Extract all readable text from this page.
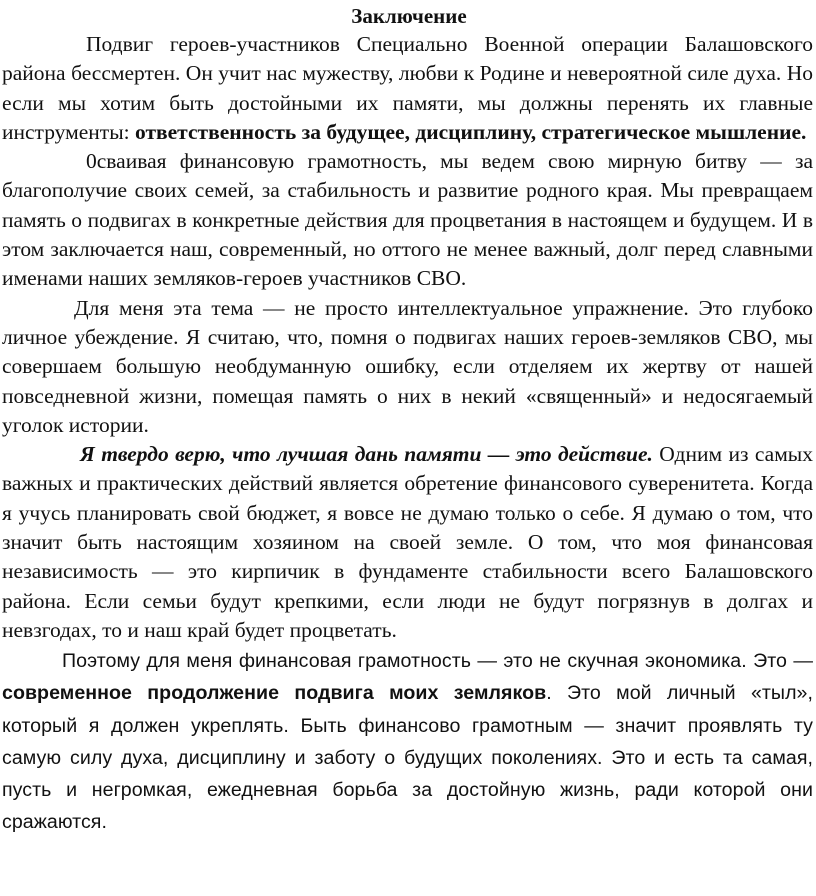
Заключение

Подвиг героев-участников Специально Военной операции Балашовского района бессмертен. Он учит нас мужеству, любви к Родине и невероятной силе духа. Но если мы хотим быть достойными их памяти, мы должны перенять их главные инструменты: ответственность за будущее, дисциплину, стратегическое мышление.

0сваивая финансовую грамотность, мы ведем свою мирную битву — за благополучие своих семей, за стабильность и развитие родного края. Мы превращаем память о подвигах в конкретные действия для процветания в настоящем и будущем. И в этом заключается наш, современный, но оттого не менее важный, долг перед славными именами наших земляков-героев участников СВО.

Для меня эта тема — не просто интеллектуальное упражнение. Это глубоко личное убеждение. Я считаю, что, помня о подвигах наших героев-земляков СВО, мы совершаем большую необдуманную ошибку, если отделяем их жертву от нашей повседневной жизни, помещая память о них в некий «священный» и недосягаемый уголок истории.

Я твердо верю, что лучшая дань памяти — это действие. Одним из самых важных и практических действий является обретение финансового суверенитета. Когда я учусь планировать свой бюджет, я вовсе не думаю только о себе. Я думаю о том, что значит быть настоящим хозяином на своей земле. О том, что моя финансовая независимость — это кирпичик в фундаменте стабильности всего Балашовского района. Если семьи будут крепкими, если люди не будут погрязнув в долгах и невзгодах, то и наш край будет процветать.

Поэтому для меня финансовая грамотность — это не скучная экономика. Это — современное продолжение подвига моих земляков. Это мой личный «тыл», который я должен укреплять. Быть финансово грамотным — значит проявлять ту самую силу духа, дисциплину и заботу о будущих поколениях. Это и есть та самая, пусть и негромкая, ежедневная борьба за достойную жизнь, ради которой они сражаются.
